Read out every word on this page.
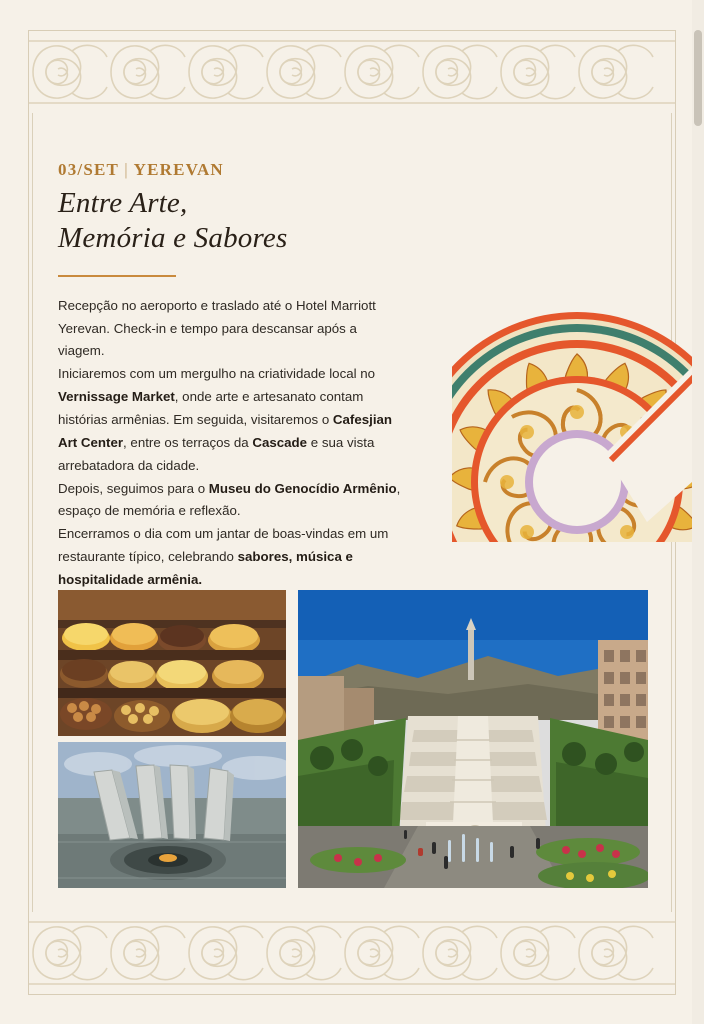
03/SET | YEREVAN
Entre Arte,
Memória e Sabores

Recepção no aeroporto e traslado até o Hotel Marriott Yerevan. Check-in e tempo para descansar após a viagem.
Iniciaremos com um mergulho na criatividade local no Vernissage Market, onde arte e artesanato contam histórias armênias. Em seguida, visitaremos o Cafesjian Art Center, entre os terraços da Cascade e sua vista arrebatadora da cidade.
Depois, seguimos para o Museu do Genocídio Armênio, espaço de memória e reflexão.
Encerramos o dia com um jantar de boas-vindas em um restaurante típico, celebrando sabores, música e hospitalidade armênia.
